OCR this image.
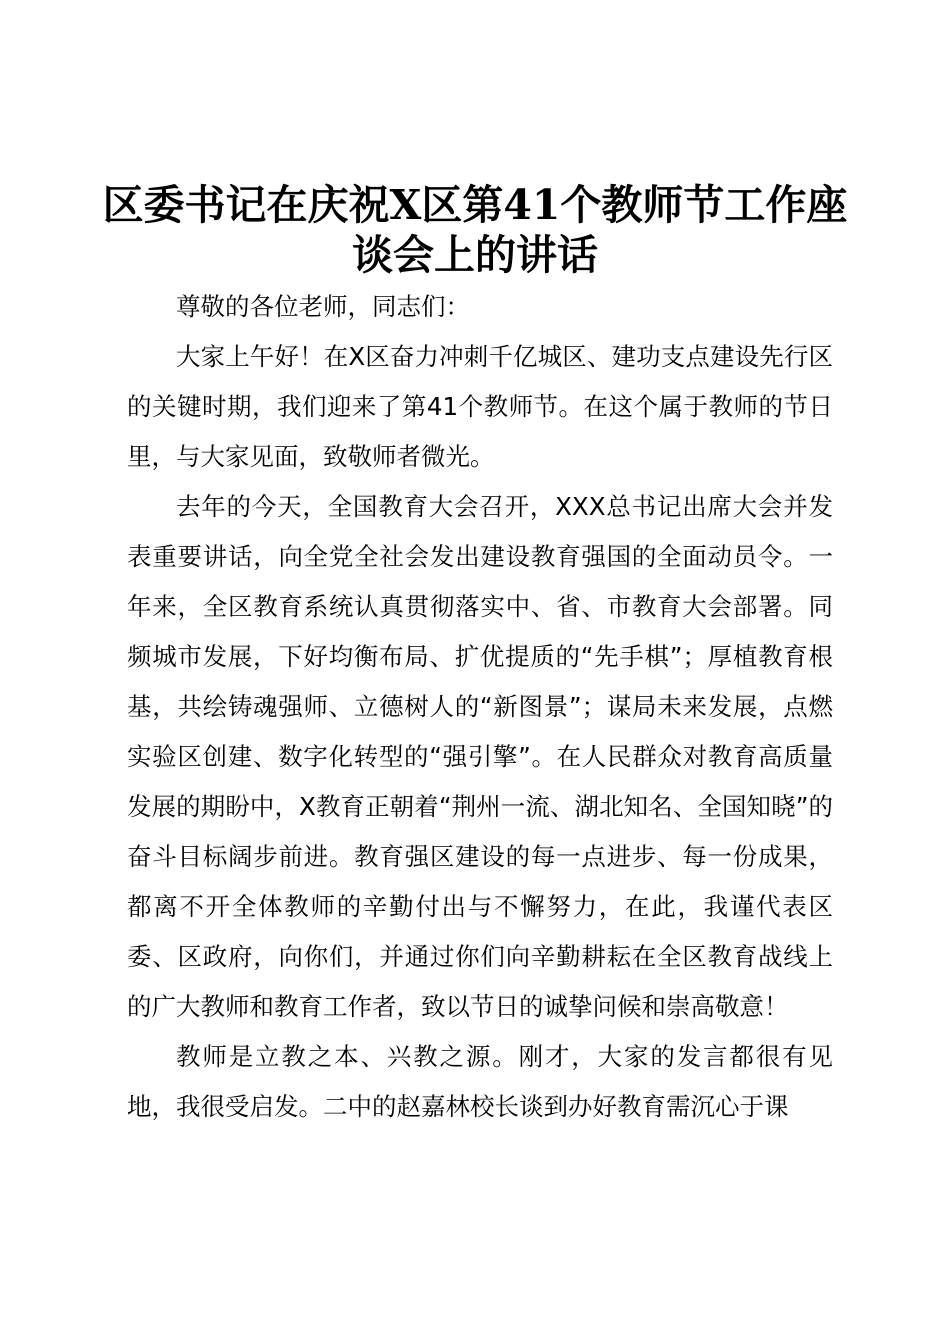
区委书记在庆祝X区第41个教师节工作座谈会上的讲话

尊敬的各位老师，同志们：

大家上午好！在X区奋力冲刺千亿城区、建功支点建设先行区的关键时期，我们迎来了第41个教师节。在这个属于教师的节日里，与大家见面，致敬师者微光。

去年的今天，全国教育大会召开，XXX总书记出席大会并发表重要讲话，向全党全社会发出建设教育强国的全面动员令。一年来，全区教育系统认真贯彻落实中、省、市教育大会部署。同频城市发展，下好均衡布局、扩优提质的“先手棋”；厚植教育根基，共绘铸魂强师、立德树人的“新图景”；谋局未来发展，点燃实验区创建、数字化转型的“强引擎”。在人民群众对教育高质量发展的期盼中，X教育正朝着“荆州一流、湖北知名、全国知晓”的奋斗目标阔步前进。教育强区建设的每一点进步、每一份成果，都离不开全体教师的辛勤付出与不懈努力，在此，我谨代表区委、区政府，向你们，并通过你们向辛勤耕耘在全区教育战线上的广大教师和教育工作者，致以节日的诚挚问候和崇高敬意！

教师是立教之本、兴教之源。刚才，大家的发言都很有见地，我很受启发。二中的赵嘉林校长谈到办好教育需沉心于课
